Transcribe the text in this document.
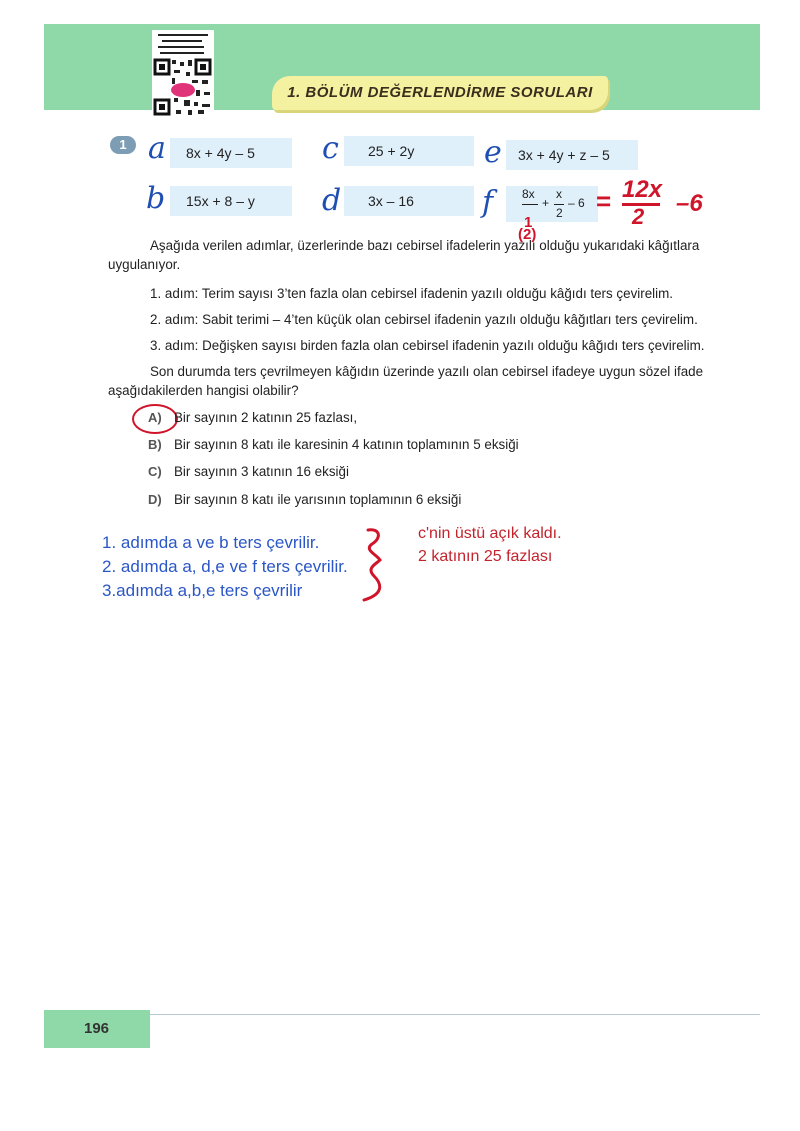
1. BÖLÜM DEĞERLENDİRME SORULARI
1 a	8x + 4y – 5	c	25 + 2y	e	3x + 4y + z – 5
b	15x + 8 – y	d	3x – 16	f 8x
+
x
2
– 6 = 12x
2 –6
1
(2)
Aşağıda verilen adımlar, üzerlerinde bazı cebirsel ifadelerin yazılı olduğu yukarıdaki kâğıtlara
uygulanıyor.
1. adım: Terim sayısı 3’ten fazla olan cebirsel ifadenin yazılı olduğu kâğıdı ters çevirelim.
2. adım: Sabit terimi – 4’ten küçük olan cebirsel ifadenin yazılı olduğu kâğıtları ters çevirelim.
3. adım: Değişken sayısı birden fazla olan cebirsel ifadenin yazılı olduğu kâğıdı ters çevirelim.
Son durumda ters çevrilmeyen kâğıdın üzerinde yazılı olan cebirsel ifadeye uygun sözel ifade
aşağıdakilerden hangisi olabilir?
A) Bir sayının 2 katının 25 fazlası,
B) Bir sayının 8 katı ile karesinin 4 katının toplamının 5 eksiği
C) Bir sayının 3 katının 16 eksiği
D) Bir sayının 8 katı ile yarısının toplamının 6 eksiği
1. adımda a ve b ters çevrilir.
2. adımda a, d,e ve f ters çevrilir.
3.adımda a,b,e ters çevrilir
c'nin üstü açık kaldı.
2 katının 25 fazlası
196
